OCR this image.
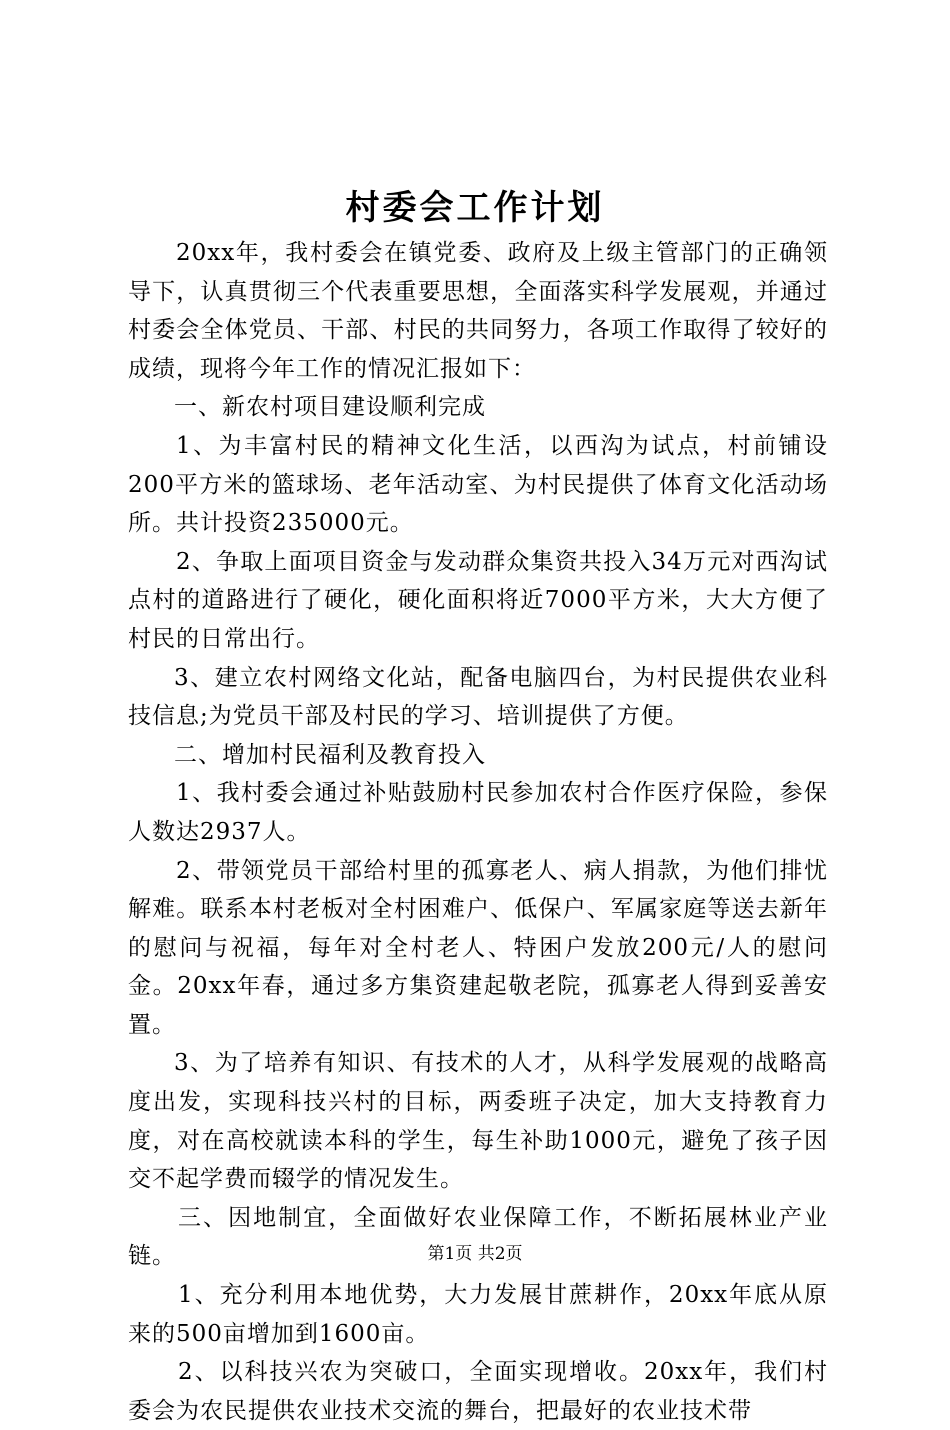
村委会工作计划

20xx年，我村委会在镇党委、政府及上级主管部门的正确领导下，认真贯彻三个代表重要思想，全面落实科学发展观，并通过村委会全体党员、干部、村民的共同努力，各项工作取得了较好的成绩，现将今年工作的情况汇报如下：

一、新农村项目建设顺利完成

1、为丰富村民的精神文化生活，以西沟为试点，村前铺设200平方米的篮球场、老年活动室、为村民提供了体育文化活动场所。共计投资235000元。

2、争取上面项目资金与发动群众集资共投入34万元对西沟试点村的道路进行了硬化，硬化面积将近7000平方米，大大方便了村民的日常出行。

3、建立农村网络文化站，配备电脑四台，为村民提供农业科技信息;为党员干部及村民的学习、培训提供了方便。

二、增加村民福利及教育投入

1、我村委会通过补贴鼓励村民参加农村合作医疗保险，参保人数达2937人。

2、带领党员干部给村里的孤寡老人、病人捐款，为他们排忧解难。联系本村老板对全村困难户、低保户、军属家庭等送去新年的慰问与祝福，每年对全村老人、特困户发放200元/人的慰问金。20xx年春，通过多方集资建起敬老院，孤寡老人得到妥善安置。

3、为了培养有知识、有技术的人才，从科学发展观的战略高度出发，实现科技兴村的目标，两委班子决定，加大支持教育力度，对在高校就读本科的学生，每生补助1000元，避免了孩子因交不起学费而辍学的情况发生。

三、因地制宜，全面做好农业保障工作，不断拓展林业产业链。

1、充分利用本地优势，大力发展甘蔗耕作，20xx年底从原来的500亩增加到1600亩。

2、以科技兴农为突破口，全面实现增收。20xx年，我们村委会为农民提供农业技术交流的舞台，把最好的农业技术带

第1页 共2页
